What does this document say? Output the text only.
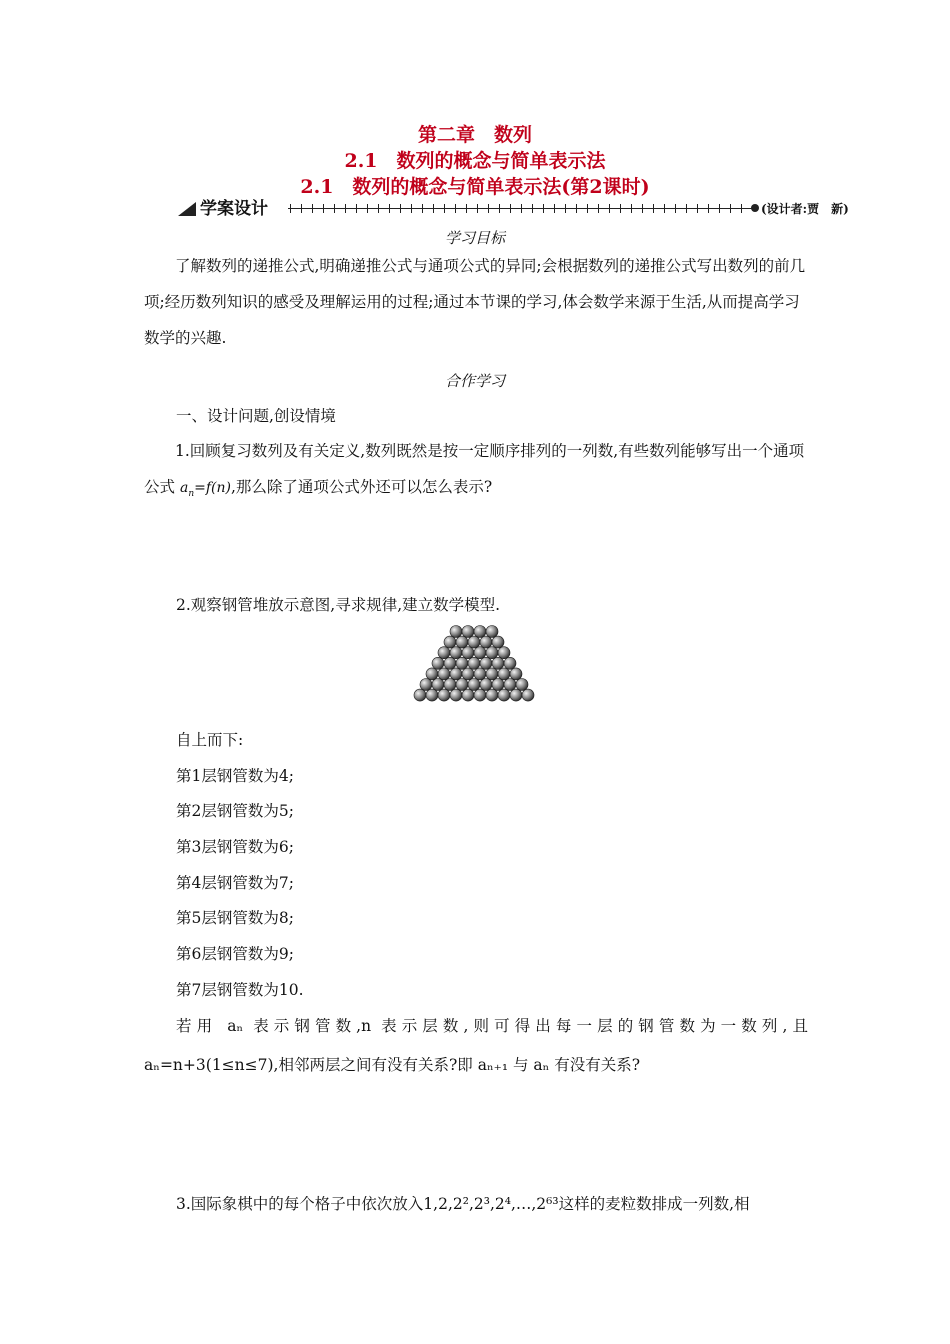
第二章　数列
2.1　数列的概念与简单表示法
2.1　数列的概念与简单表示法(第2课时)
学案设计	(设计者:贾　新)
学习目标

了解数列的递推公式,明确递推公式与通项公式的异同;会根据数列的递推公式写出数列的前几项;经历数列知识的感受及理解运用的过程;通过本节课的学习,体会数学来源于生活,从而提高学习数学的兴趣.

合作学习
一、设计问题,创设情境

1.回顾复习数列及有关定义,数列既然是按一定顺序排列的一列数,有些数列能够写出一个通项公式 $a_n=f(n)$,那么除了通项公式外还可以怎么表示?

2.观察钢管堆放示意图,寻求规律,建立数学模型.
自上而下:
第1层钢管数为4;
第2层钢管数为5;
第3层钢管数为6;
第4层钢管数为7;
第5层钢管数为8;
第6层钢管数为9;
第7层钢管数为10.
若用 aₙ 表示钢管数,n 表示层数,则可得出每一层的钢管数为一数列,且
aₙ=n+3(1≤n≤7),相邻两层之间有没有关系?即 aₙ₊₁ 与 aₙ 有没有关系?
3.国际象棋中的每个格子中依次放入1,2,2²,2³,2⁴,…,2⁶³这样的麦粒数排成一列数,相
